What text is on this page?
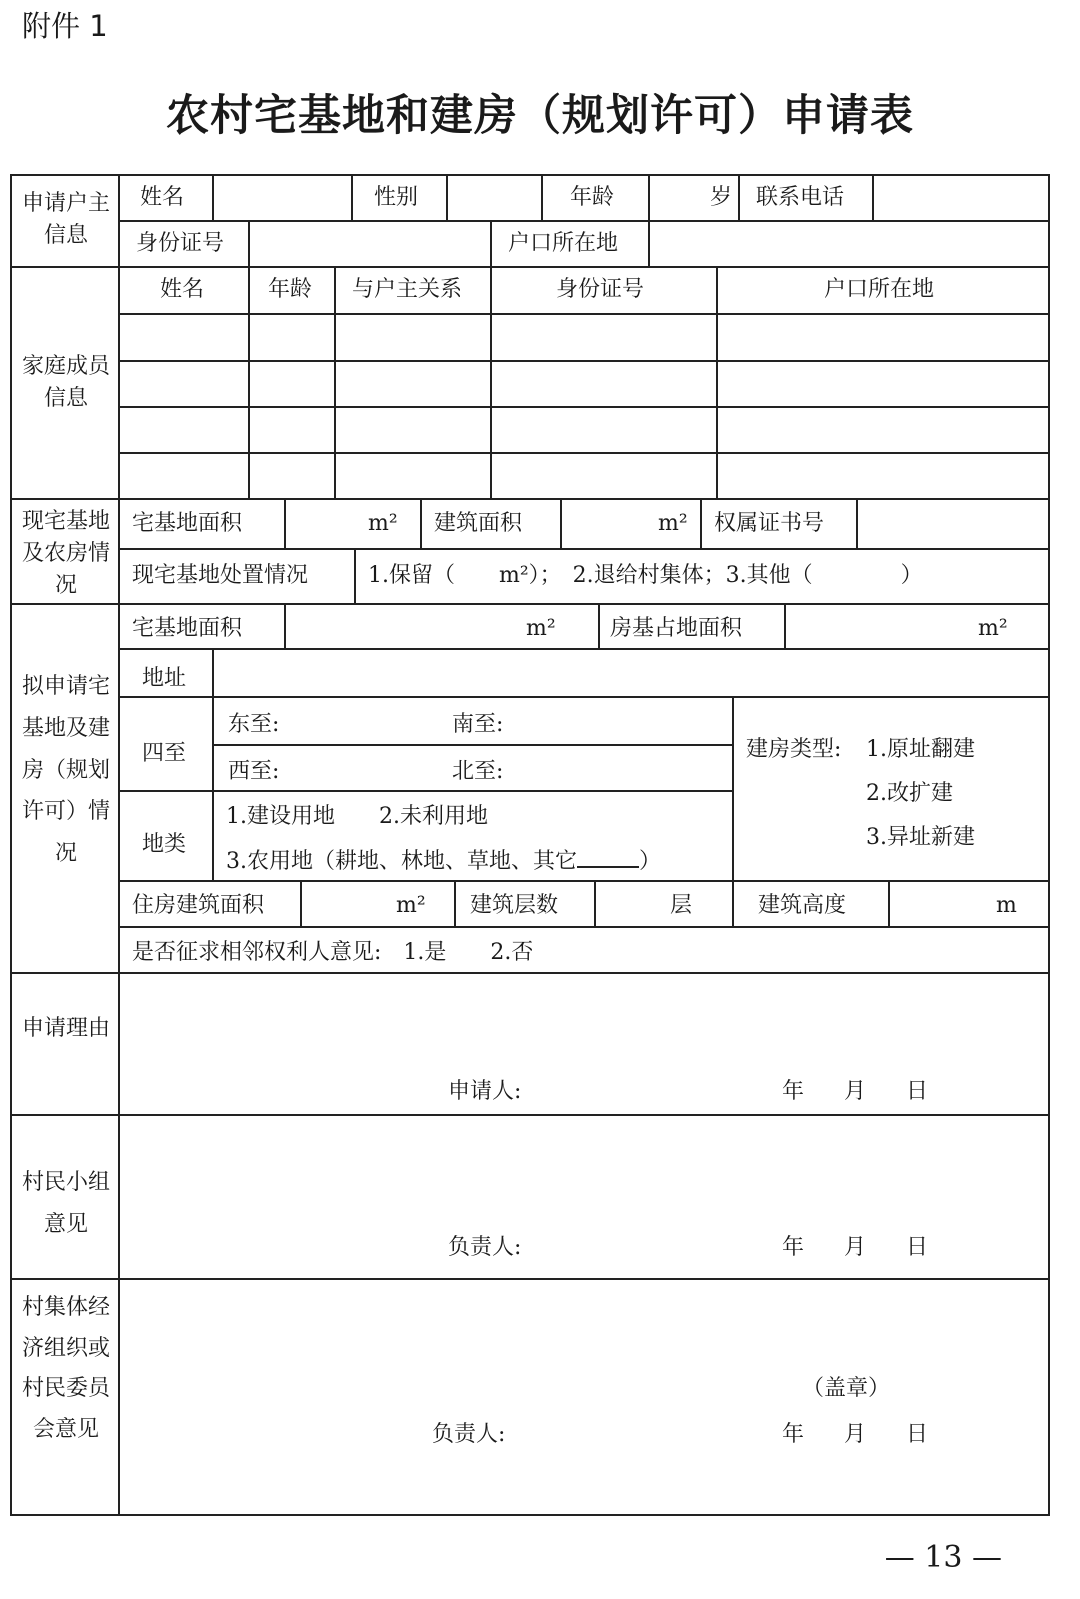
附件 1
农村宅基地和建房（规划许可）申请表
申请户主信息
姓名	性别	年龄	岁 联系电话
身份证号	户口所在地
家庭成员信息
姓名	年龄 与户主关系	身份证号	户口所在地
现宅基地及农房情况
宅基地面积	m² 建筑面积	m² 权属证书号
现宅基地处置情况	1.保留（　　m²）；　2.退给村集体；3.其他（　　　　）
拟申请宅基地及建房（规划许可）情况
宅基地面积	m² 房基占地面积	m²
地址
四至
东至:	南至:
西至:	北至:
地类
1.建设用地　　2.未利用地
3.农用地（耕地、林地、草地、其它	）
建房类型: 1.原址翻建
2.改扩建
3.异址新建
住房建筑面积	m² 建筑层数	层	建筑高度	m
是否征求相邻权利人意见:　1.是　　2.否
申请理由
申请人:	年 月 日
村民小组意见
负责人:	年 月 日
村集体经济组织或村民委员会意见
（盖章）
负责人:	年 月 日
— 13 —
